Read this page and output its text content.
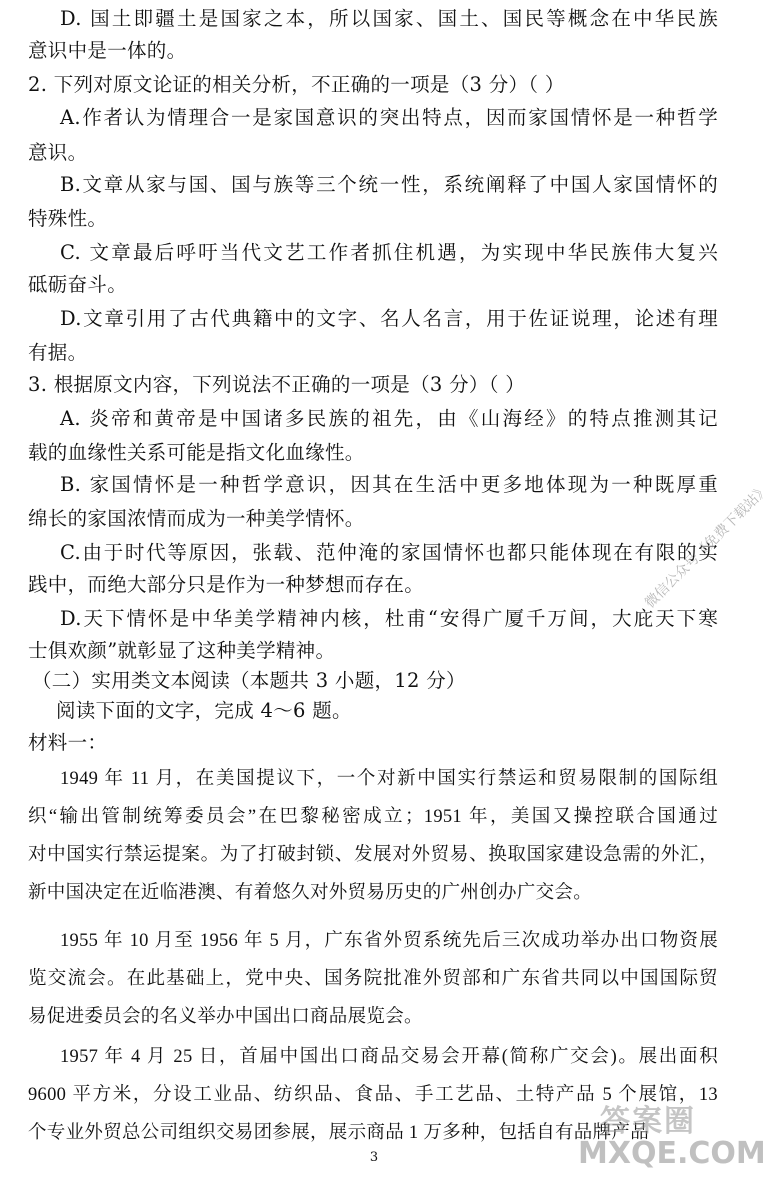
D. 国土即疆土是国家之本，所以国家、国土、国民等概念在中华民族
意识中是一体的。
2. 下列对原文论证的相关分析，不正确的一项是（3 分）（ ）
A.作者认为情理合一是家国意识的突出特点，因而家国情怀是一种哲学
意识。
B.文章从家与国、国与族等三个统一性，系统阐释了中国人家国情怀的
特殊性。
C. 文章最后呼吁当代文艺工作者抓住机遇，为实现中华民族伟大复兴
砥砺奋斗。
D.文章引用了古代典籍中的文字、名人名言，用于佐证说理，论述有理
有据。
3. 根据原文内容，下列说法不正确的一项是（3 分）（ ）
A. 炎帝和黄帝是中国诸多民族的祖先，由《山海经》的特点推测其记
载的血缘性关系可能是指文化血缘性。
B. 家国情怀是一种哲学意识，因其在生活中更多地体现为一种既厚重
绵长的家国浓情而成为一种美学情怀。
C.由于时代等原因，张载、范仲淹的家国情怀也都只能体现在有限的实
践中，而绝大部分只是作为一种梦想而存在。
D.天下情怀是中华美学精神内核，杜甫“安得广厦千万间，大庇天下寒
士俱欢颜”就彰显了这种美学精神。
（二）实用类文本阅读（本题共 3 小题，12 分）
阅读下面的文字，完成 4～6 题。
材料一：
1949 年 11 月，在美国提议下，一个对新中国实行禁运和贸易限制的国际组
织“输出管制统筹委员会”在巴黎秘密成立；1951 年，美国又操控联合国通过
对中国实行禁运提案。为了打破封锁、发展对外贸易、换取国家建设急需的外汇，
新中国决定在近临港澳、有着悠久对外贸易历史的广州创办广交会。
1955 年 10 月至 1956 年 5 月，广东省外贸系统先后三次成功举办出口物资展
览交流会。在此基础上，党中央、国务院批准外贸部和广东省共同以中国国际贸
易促进委员会的名义举办中国出口商品展览会。
1957 年 4 月 25 日，首届中国出口商品交易会开幕(简称广交会)。展出面积
9600 平方米，分设工业品、纺织品、食品、手工艺品、土特产品 5 个展馆，13
个专业外贸总公司组织交易团参展，展示商品 1 万多种，包括自有品牌产品
3
微信公众号《免费下载站》
答案圈
MXQE.COM
